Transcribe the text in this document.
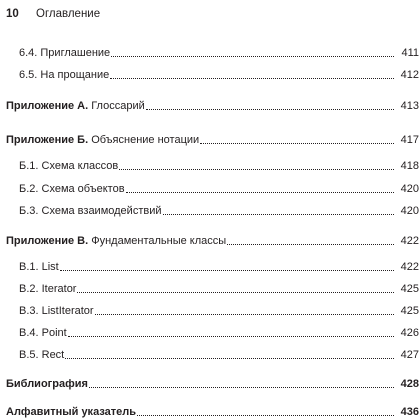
10 Оглавление
6.4. Приглашение	411
6.5. На прощание	412
Приложение А. Глоссарий	413
Приложение Б. Объяснение нотации	417
Б.1. Схема классов	418
Б.2. Схема объектов	420
Б.3. Схема взаимодействий	420
Приложение В. Фундаментальные классы	422
В.1. List	422
В.2. Iterator	425
В.3. ListIterator	425
В.4. Point	426
В.5. Rect	427
Библиография	428
Алфавитный указатель	436
